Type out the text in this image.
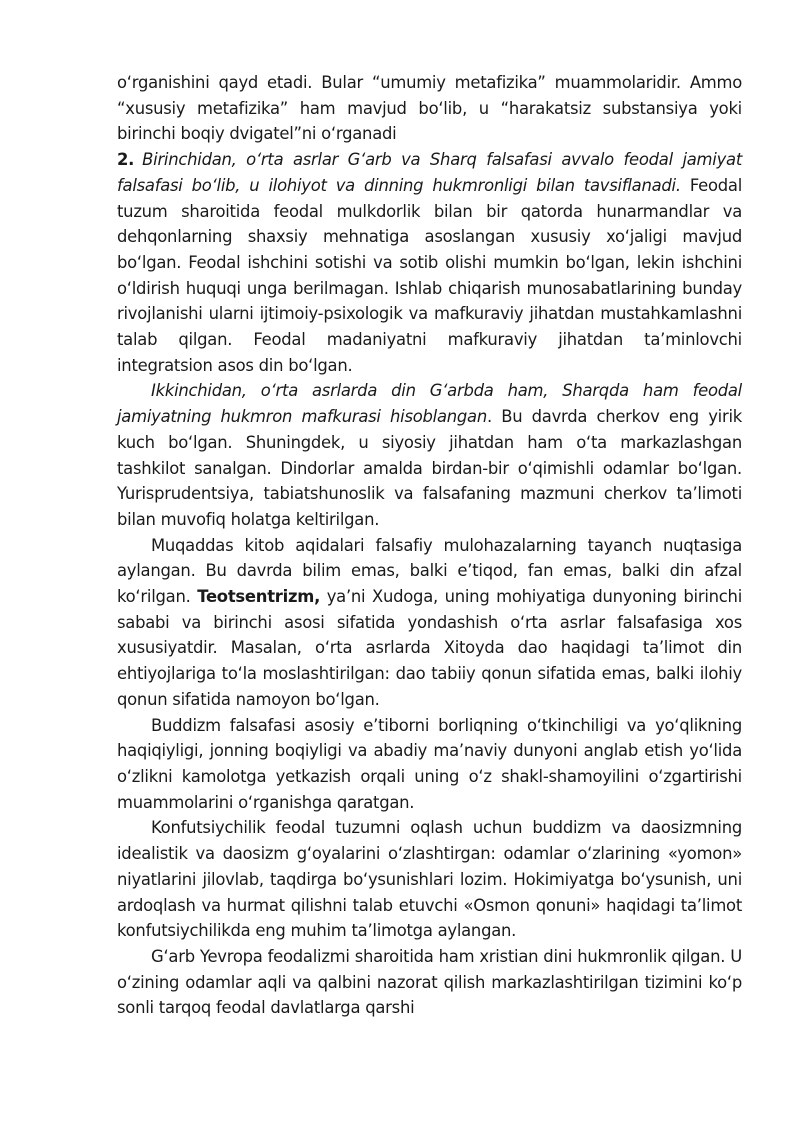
o‘rganishini qayd etadi. Bular “umumiy metafizika” muammolaridir. Ammo “xususiy metafizika” ham mavjud bo‘lib, u “harakatsiz substansiya yoki birinchi boqiy dvigatel”ni o‘rganadi

2. Birinchidan, o‘rta asrlar G‘arb va Sharq falsafasi avvalo feodal jamiyat falsafasi bo‘lib, u ilohiyot va dinning hukmronligi bilan tavsiflanadi. Feodal tuzum sharoitida feodal mulkdorlik bilan bir qatorda hunarmandlar va dehqonlarning shaxsiy mehnatiga asoslangan xususiy xo‘jaligi mavjud bo‘lgan. Feodal ishchini sotishi va sotib olishi mumkin bo‘lgan, lekin ishchini o‘ldirish huquqi unga berilmagan. Ishlab chiqarish munosabatlarining bunday rivojlanishi ularni ijtimoiy-psixologik va mafkuraviy jihatdan mustahkamlashni talab qilgan. Feodal madaniyatni mafkuraviy jihatdan ta’minlovchi integratsion asos din bo‘lgan.

Ikkinchidan, o‘rta asrlarda din G‘arbda ham, Sharqda ham feodal jamiyatning hukmron mafkurasi hisoblangan. Bu davrda cherkov eng yirik kuch bo‘lgan. Shuningdek, u siyosiy jihatdan ham o‘ta markazlashgan tashkilot sanalgan. Dindorlar amalda birdan-bir o‘qimishli odamlar bo‘lgan. Yurisprudentsiya, tabiatshunoslik va falsafaning mazmuni cherkov ta’limoti bilan muvofiq holatga keltirilgan.

Muqaddas kitob aqidalari falsafiy mulohazalarning tayanch nuqtasiga aylangan. Bu davrda bilim emas, balki e’tiqod, fan emas, balki din afzal ko‘rilgan. Teotsentrizm, ya’ni Xudoga, uning mohiyatiga dunyoning birinchi sababi va birinchi asosi sifatida yondashish o‘rta asrlar falsafasiga xos xususiyatdir. Masalan, o‘rta asrlarda Xitoyda dao haqidagi ta’limot din ehtiyojlariga to‘la moslashtirilgan: dao tabiiy qonun sifatida emas, balki ilohiy qonun sifatida namoyon bo‘lgan.

Buddizm falsafasi asosiy e’tiborni borliqning o‘tkinchiligi va yo‘qlikning haqiqiyligi, jonning boqiyligi va abadiy ma’naviy dunyoni anglab etish yo‘lida o‘zlikni kamolotga yetkazish orqali uning o‘z shakl-shamoyilini o‘zgartirishi muammolarini o‘rganishga qaratgan.

Konfutsiychilik feodal tuzumni oqlash uchun buddizm va daosizmning idealistik va daosizm g‘oyalarini o‘zlashtirgan: odamlar o‘zlarining «yomon» niyatlarini jilovlab, taqdirga bo‘ysunishlari lozim. Hokimiyatga bo‘ysunish, uni ardoqlash va hurmat qilishni talab etuvchi «Osmon qonuni» haqidagi ta’limot konfutsiychilikda eng muhim ta’limotga aylangan.

G‘arb Yevropa feodalizmi sharoitida ham xristian dini hukmronlik qilgan. U o‘zining odamlar aqli va qalbini nazorat qilish markazlashtirilgan tizimini ko‘p sonli tarqoq feodal davlatlarga qarshi
